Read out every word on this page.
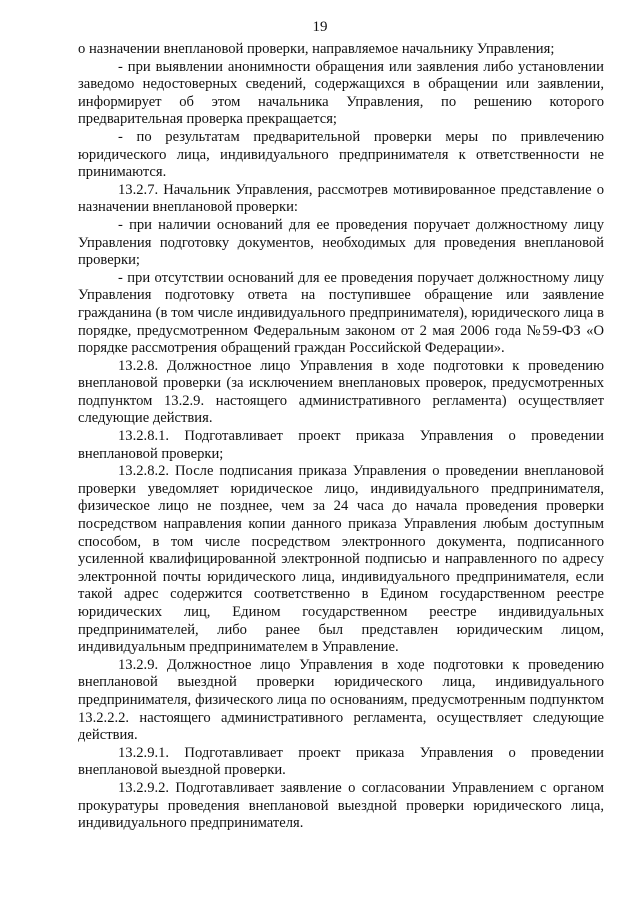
19

о назначении внеплановой проверки, направляемое начальнику Управления;

- при выявлении анонимности обращения или заявления либо установлении заведомо недостоверных сведений, содержащихся в обращении или заявлении, информирует об этом начальника Управления, по решению которого предварительная проверка прекращается;

- по результатам предварительной проверки меры по привлечению юридического лица, индивидуального предпринимателя к ответственности не принимаются.

13.2.7. Начальник Управления, рассмотрев мотивированное представление о назначении внеплановой проверки:

- при наличии оснований для ее проведения поручает должностному лицу Управления подготовку документов, необходимых для проведения внеплановой проверки;

- при отсутствии оснований для ее проведения поручает должностному лицу Управления подготовку ответа на поступившее обращение или заявление гражданина (в том числе индивидуального предпринимателя), юридического лица в порядке, предусмотренном Федеральным законом от 2 мая 2006 года №59-ФЗ «О порядке рассмотрения обращений граждан Российской Федерации».

13.2.8. Должностное лицо Управления в ходе подготовки к проведению внеплановой проверки (за исключением внеплановых проверок, предусмотренных подпунктом 13.2.9. настоящего административного регламента) осуществляет следующие действия.

13.2.8.1. Подготавливает проект приказа Управления о проведении внеплановой проверки;

13.2.8.2. После подписания приказа Управления о проведении внеплановой проверки уведомляет юридическое лицо, индивидуального предпринимателя, физическое лицо не позднее, чем за 24 часа до начала проведения проверки посредством направления копии данного приказа Управления любым доступным способом, в том числе посредством электронного документа, подписанного усиленной квалифицированной электронной подписью и направленного по адресу электронной почты юридического лица, индивидуального предпринимателя, если такой адрес содержится соответственно в Едином государственном реестре юридических лиц, Едином государственном реестре индивидуальных предпринимателей, либо ранее был представлен юридическим лицом, индивидуальным предпринимателем в Управление.

13.2.9. Должностное лицо Управления в ходе подготовки к проведению внеплановой выездной проверки юридического лица, индивидуального предпринимателя, физического лица по основаниям, предусмотренным подпунктом 13.2.2.2. настоящего административного регламента, осуществляет следующие действия.

13.2.9.1. Подготавливает проект приказа Управления о проведении внеплановой выездной проверки.

13.2.9.2. Подготавливает заявление о согласовании Управлением с органом прокуратуры проведения внеплановой выездной проверки юридического лица, индивидуального предпринимателя.
